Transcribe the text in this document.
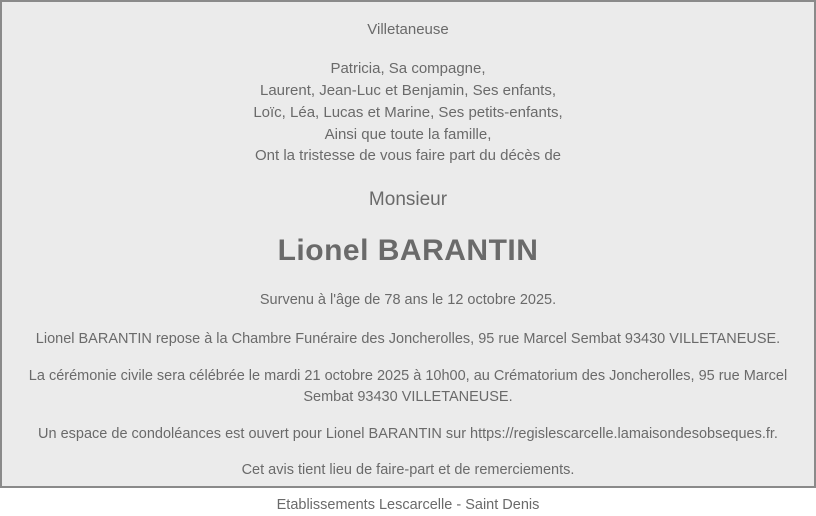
Villetaneuse
Patricia, Sa compagne,
Laurent, Jean-Luc et Benjamin, Ses enfants,
Loïc, Léa, Lucas et Marine, Ses petits-enfants,
Ainsi que toute la famille,
Ont la tristesse de vous faire part du décès de
Monsieur
Lionel BARANTIN
Survenu à l'âge de 78 ans le 12 octobre 2025.
Lionel BARANTIN repose à la Chambre Funéraire des Joncherolles, 95 rue Marcel Sembat 93430 VILLETANEUSE.
La cérémonie civile sera célébrée le mardi 21 octobre 2025 à 10h00, au Crématorium des Joncherolles, 95 rue Marcel Sembat 93430 VILLETANEUSE.
Un espace de condoléances est ouvert pour Lionel BARANTIN sur https://regislescarcelle.lamaisondesobseques.fr.
Cet avis tient lieu de faire-part et de remerciements.
Etablissements Lescarcelle - Saint Denis
